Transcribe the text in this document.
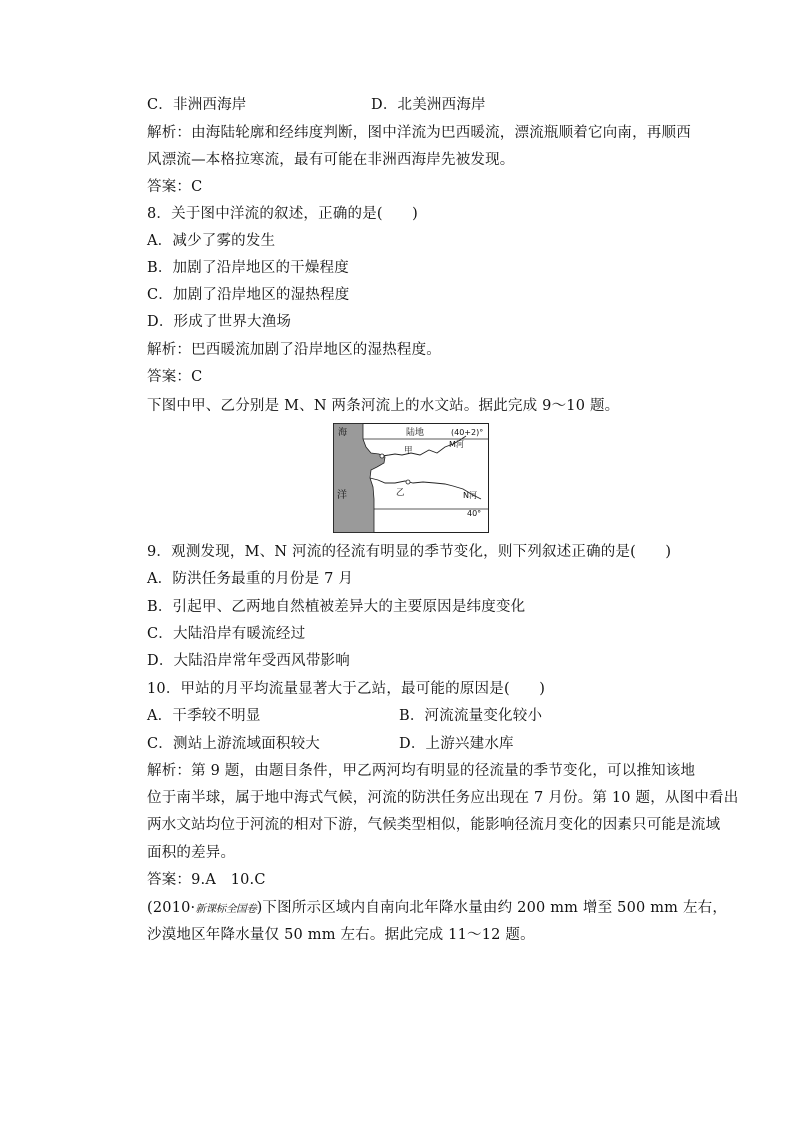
C．非洲西海岸	D．北美洲西海岸
解析：由海陆轮廓和经纬度判断，图中洋流为巴西暖流，漂流瓶顺着它向南，再顺西
风漂流—本格拉寒流，最有可能在非洲西海岸先被发现。
答案：C
8．关于图中洋流的叙述，正确的是(　　)
A．减少了雾的发生
B．加剧了沿岸地区的干燥程度
C．加剧了沿岸地区的湿热程度
D．形成了世界大渔场
解析：巴西暖流加剧了沿岸地区的湿热程度。
答案：C
下图中甲、乙分别是 M、N 两条河流上的水文站。据此完成 9～10 题。
海
洋
陆地	(40+2)°
甲
乙
M河
N河
40°
9．观测发现，M、N 河流的径流有明显的季节变化，则下列叙述正确的是(　　)
A．防洪任务最重的月份是 7 月
B．引起甲、乙两地自然植被差异大的主要原因是纬度变化
C．大陆沿岸有暖流经过
D．大陆沿岸常年受西风带影响
10．甲站的月平均流量显著大于乙站，最可能的原因是(　　)
A．干季较不明显	B．河流流量变化较小
C．测站上游流域面积较大	D．上游兴建水库
解析：第 9 题，由题目条件，甲乙两河均有明显的径流量的季节变化，可以推知该地
位于南半球，属于地中海式气候，河流的防洪任务应出现在 7 月份。第 10 题，从图中看出
两水文站均位于河流的相对下游，气候类型相似，能影响径流月变化的因素只可能是流域
面积的差异。
答案：9.A　10.C
(2010·新课标全国卷)下图所示区域内自南向北年降水量由约 200 mm 增至 500 mm 左右，
沙漠地区年降水量仅 50 mm 左右。据此完成 11～12 题。
